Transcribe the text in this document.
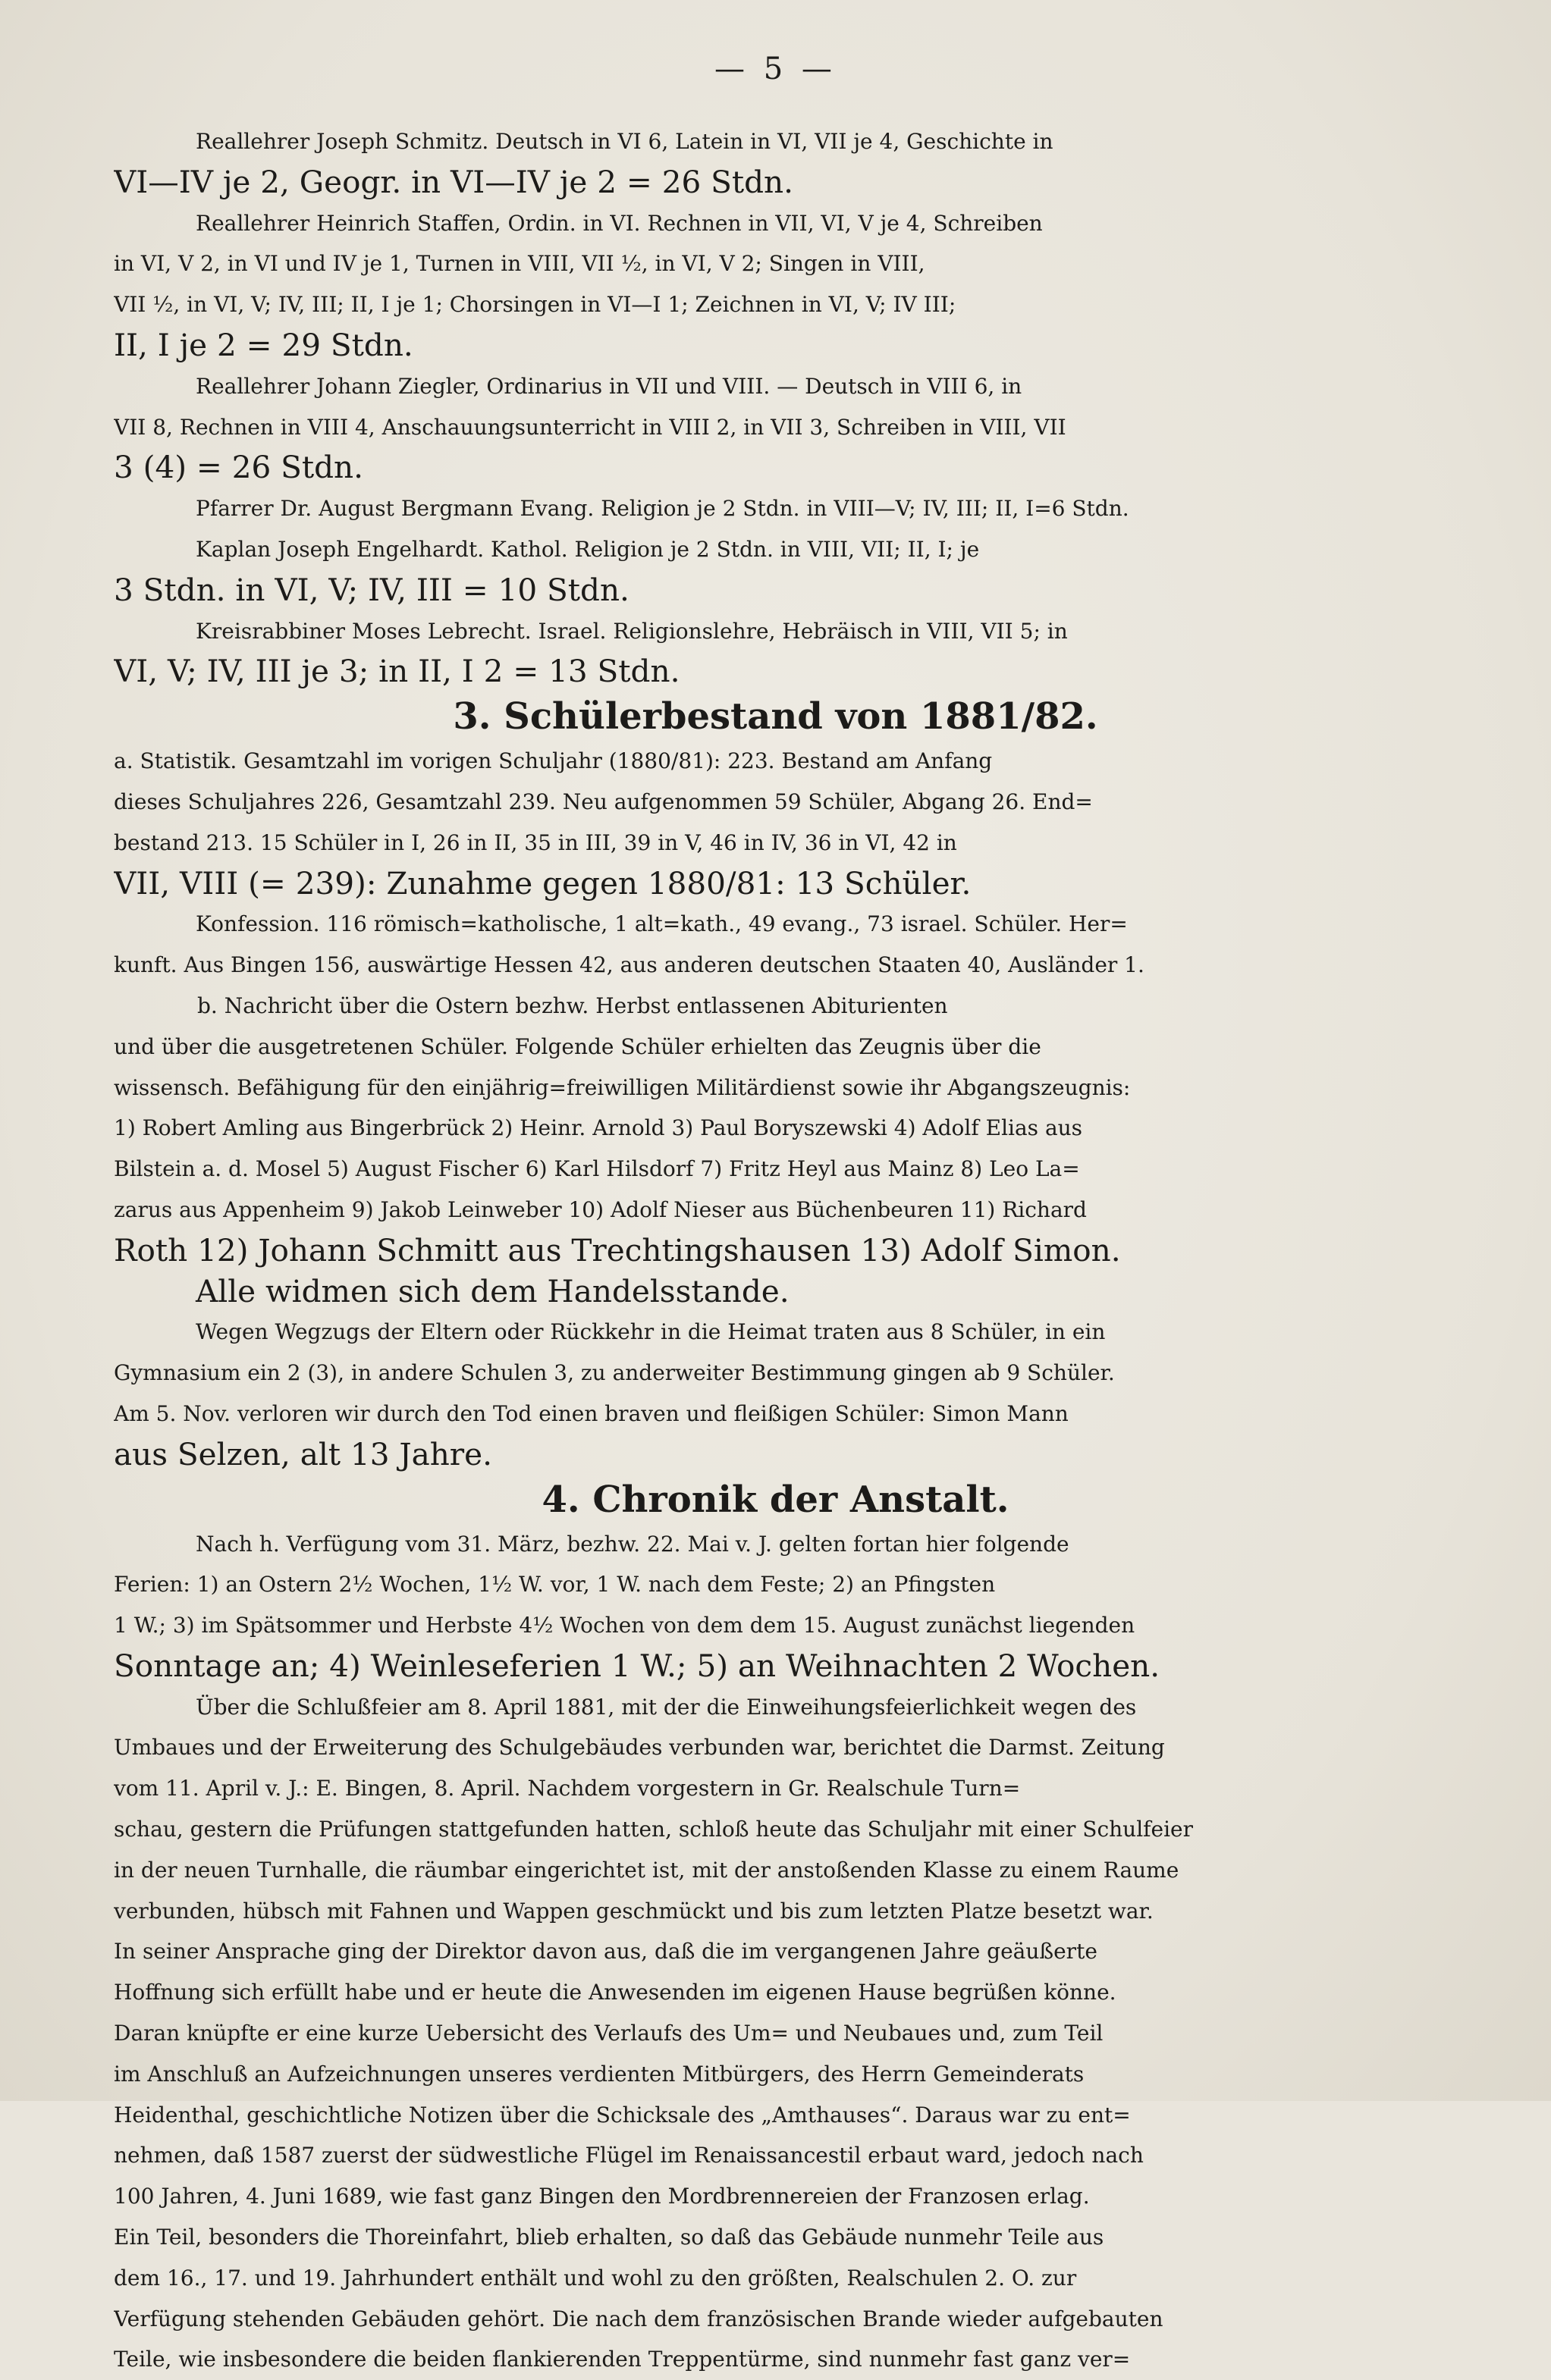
— 5 —
Reallehrer Joseph Schmitz. Deutsch in VI 6, Latein in VI, VII je 4, Geschichte in
VI—IV je 2, Geogr. in VI—IV je 2 = 26 Stdn.
Reallehrer Heinrich Staffen, Ordin. in VI. Rechnen in VII, VI, V je 4, Schreiben
in VI, V 2, in VI und IV je 1, Turnen in VIII, VII ½, in VI, V 2; Singen in VIII,
VII ½, in VI, V; IV, III; II, I je 1; Chorsingen in VI—I 1; Zeichnen in VI, V; IV III;
II, I je 2 = 29 Stdn.
Reallehrer Johann Ziegler, Ordinarius in VII und VIII. — Deutsch in VIII 6, in
VII 8, Rechnen in VIII 4, Anschauungsunterricht in VIII 2, in VII 3, Schreiben in VIII, VII
3 (4) = 26 Stdn.
Pfarrer Dr. August Bergmann Evang. Religion je 2 Stdn. in VIII—V; IV, III; II, I=6 Stdn.
Kaplan Joseph Engelhardt. Kathol. Religion je 2 Stdn. in VIII, VII; II, I; je
3 Stdn. in VI, V; IV, III = 10 Stdn.
Kreisrabbiner Moses Lebrecht. Israel. Religionslehre, Hebräisch in VIII, VII 5; in
VI, V; IV, III je 3; in II, I 2 = 13 Stdn.
3. Schülerbestand von 1881/82.
a. Statistik. Gesamtzahl im vorigen Schuljahr (1880/81): 223. Bestand am Anfang
dieses Schuljahres 226, Gesamtzahl 239. Neu aufgenommen 59 Schüler, Abgang 26. End=
bestand 213. 15 Schüler in I, 26 in II, 35 in III, 39 in V, 46 in IV, 36 in VI, 42 in
VII, VIII (= 239): Zunahme gegen 1880/81: 13 Schüler.
Konfession. 116 römisch=katholische, 1 alt=kath., 49 evang., 73 israel. Schüler. Her=
kunft. Aus Bingen 156, auswärtige Hessen 42, aus anderen deutschen Staaten 40, Ausländer 1.
b. Nachricht über die Ostern bezhw. Herbst entlassenen Abiturienten
und über die ausgetretenen Schüler. Folgende Schüler erhielten das Zeugnis über die
wissensch. Befähigung für den einjährig=freiwilligen Militärdienst sowie ihr Abgangszeugnis:
1) Robert Amling aus Bingerbrück 2) Heinr. Arnold 3) Paul Boryszewski 4) Adolf Elias aus
Bilstein a. d. Mosel 5) August Fischer 6) Karl Hilsdorf 7) Fritz Heyl aus Mainz 8) Leo La=
zarus aus Appenheim 9) Jakob Leinweber 10) Adolf Nieser aus Büchenbeuren 11) Richard
Roth 12) Johann Schmitt aus Trechtingshausen 13) Adolf Simon.
Alle widmen sich dem Handelsstande.
Wegen Wegzugs der Eltern oder Rückkehr in die Heimat traten aus 8 Schüler, in ein
Gymnasium ein 2 (3), in andere Schulen 3, zu anderweiter Bestimmung gingen ab 9 Schüler.
Am 5. Nov. verloren wir durch den Tod einen braven und fleißigen Schüler: Simon Mann
aus Selzen, alt 13 Jahre.
4. Chronik der Anstalt.
Nach h. Verfügung vom 31. März, bezhw. 22. Mai v. J. gelten fortan hier folgende
Ferien: 1) an Ostern 2½ Wochen, 1½ W. vor, 1 W. nach dem Feste; 2) an Pfingsten
1 W.; 3) im Spätsommer und Herbste 4½ Wochen von dem dem 15. August zunächst liegenden
Sonntage an; 4) Weinleseferien 1 W.; 5) an Weihnachten 2 Wochen.
Über die Schlußfeier am 8. April 1881, mit der die Einweihungsfeierlichkeit wegen des
Umbaues und der Erweiterung des Schulgebäudes verbunden war, berichtet die Darmst. Zeitung
vom 11. April v. J.: E. Bingen, 8. April. Nachdem vorgestern in Gr. Realschule Turn=
schau, gestern die Prüfungen stattgefunden hatten, schloß heute das Schuljahr mit einer Schulfeier
in der neuen Turnhalle, die räumbar eingerichtet ist, mit der anstoßenden Klasse zu einem Raume
verbunden, hübsch mit Fahnen und Wappen geschmückt und bis zum letzten Platze besetzt war.
In seiner Ansprache ging der Direktor davon aus, daß die im vergangenen Jahre geäußerte
Hoffnung sich erfüllt habe und er heute die Anwesenden im eigenen Hause begrüßen könne.
Daran knüpfte er eine kurze Uebersicht des Verlaufs des Um= und Neubaues und, zum Teil
im Anschluß an Aufzeichnungen unseres verdienten Mitbürgers, des Herrn Gemeinderats
Heidenthal, geschichtliche Notizen über die Schicksale des „Amthauses“. Daraus war zu ent=
nehmen, daß 1587 zuerst der südwestliche Flügel im Renaissancestil erbaut ward, jedoch nach
100 Jahren, 4. Juni 1689, wie fast ganz Bingen den Mordbrennereien der Franzosen erlag.
Ein Teil, besonders die Thoreinfahrt, blieb erhalten, so daß das Gebäude nunmehr Teile aus
dem 16., 17. und 19. Jahrhundert enthält und wohl zu den größten, Realschulen 2. O. zur
Verfügung stehenden Gebäuden gehört. Die nach dem französischen Brande wieder aufgebauten
Teile, wie insbesondere die beiden flankierenden Treppentürme, sind nunmehr fast ganz ver=
